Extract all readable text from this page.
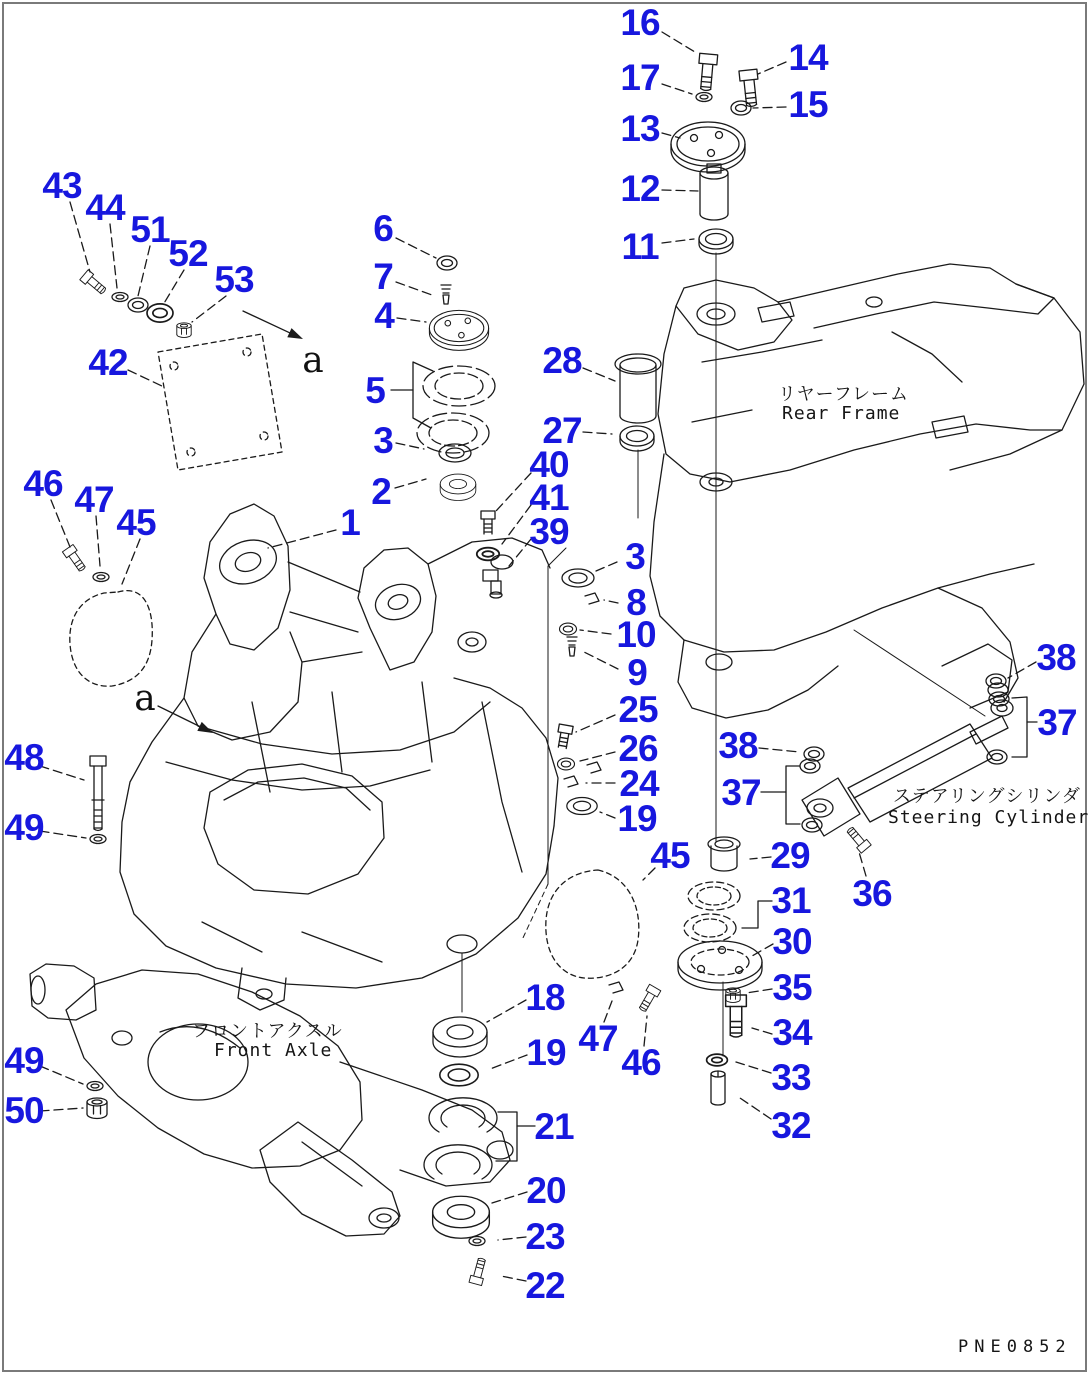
16
14
17
15
13
12
11
6
7
4
5
3
2
1
28
27
40
41
39
43
44
51
52
53
42
46 47
45
48
49
49
50
3
8
10
9
25
26
24
19
38
37
38
37
36
29
31
30
35
34
33
32
45
18
19
21
20
23
22
47
46
a
a
リヤーフレーム
Rear Frame
ステアリングシリンダ
Steering Cylinder
フロントアクスル
Front Axle
PNE0852
